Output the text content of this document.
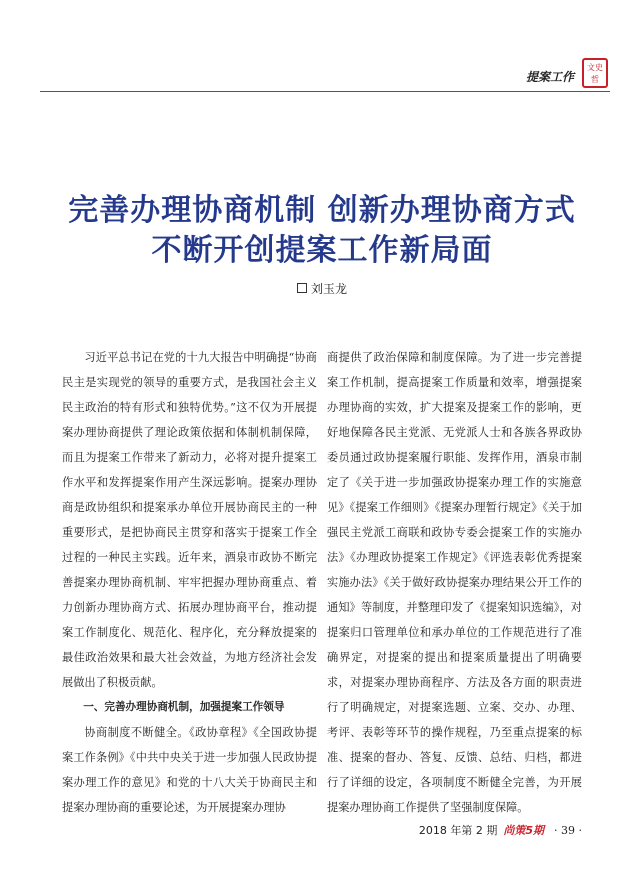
提案工作
文史哲
完善办理协商机制 创新办理协商方式
不断开创提案工作新局面
刘玉龙

习近平总书记在党的十九大报告中明确提“协商民主是实现党的领导的重要方式，是我国社会主义民主政治的特有形式和独特优势。”这不仅为开展提案办理协商提供了理论政策依据和体制机制保障，而且为提案工作带来了新动力，必将对提升提案工作水平和发挥提案作用产生深远影响。提案办理协商是政协组织和提案承办单位开展协商民主的一种重要形式，是把协商民主贯穿和落实于提案工作全过程的一种民主实践。近年来，酒泉市政协不断完善提案办理协商机制、牢牢把握办理协商重点、着力创新办理协商方式、拓展办理协商平台，推动提案工作制度化、规范化、程序化，充分释放提案的最佳政治效果和最大社会效益，为地方经济社会发展做出了积极贡献。

一、完善办理协商机制，加强提案工作领导

协商制度不断健全。《政协章程》《全国政协提案工作条例》《中共中央关于进一步加强人民政协提案办理工作的意见》和党的十八大关于协商民主和提案办理协商的重要论述，为开展提案办理协

商提供了政治保障和制度保障。为了进一步完善提案工作机制，提高提案工作质量和效率，增强提案办理协商的实效，扩大提案及提案工作的影响，更好地保障各民主党派、无党派人士和各族各界政协委员通过政协提案履行职能、发挥作用，酒泉市制定了《关于进一步加强政协提案办理工作的实施意见》《提案工作细则》《提案办理暂行规定》《关于加强民主党派工商联和政协专委会提案工作的实施办法》《办理政协提案工作规定》《评选表彰优秀提案实施办法》《关于做好政协提案办理结果公开工作的通知》等制度，并整理印发了《提案知识选编》，对提案归口管理单位和承办单位的工作规范进行了准确界定，对提案的提出和提案质量提出了明确要求，对提案办理协商程序、方法及各方面的职责进行了明确规定，对提案选题、立案、交办、办理、考评、表彰等环节的操作规程，乃至重点提案的标准、提案的督办、答复、反馈、总结、归档，都进行了详细的设定，各项制度不断健全完善，为开展提案办理协商工作提供了坚强制度保障。

2018 年第 2 期 尚策5期 · 39 ·
